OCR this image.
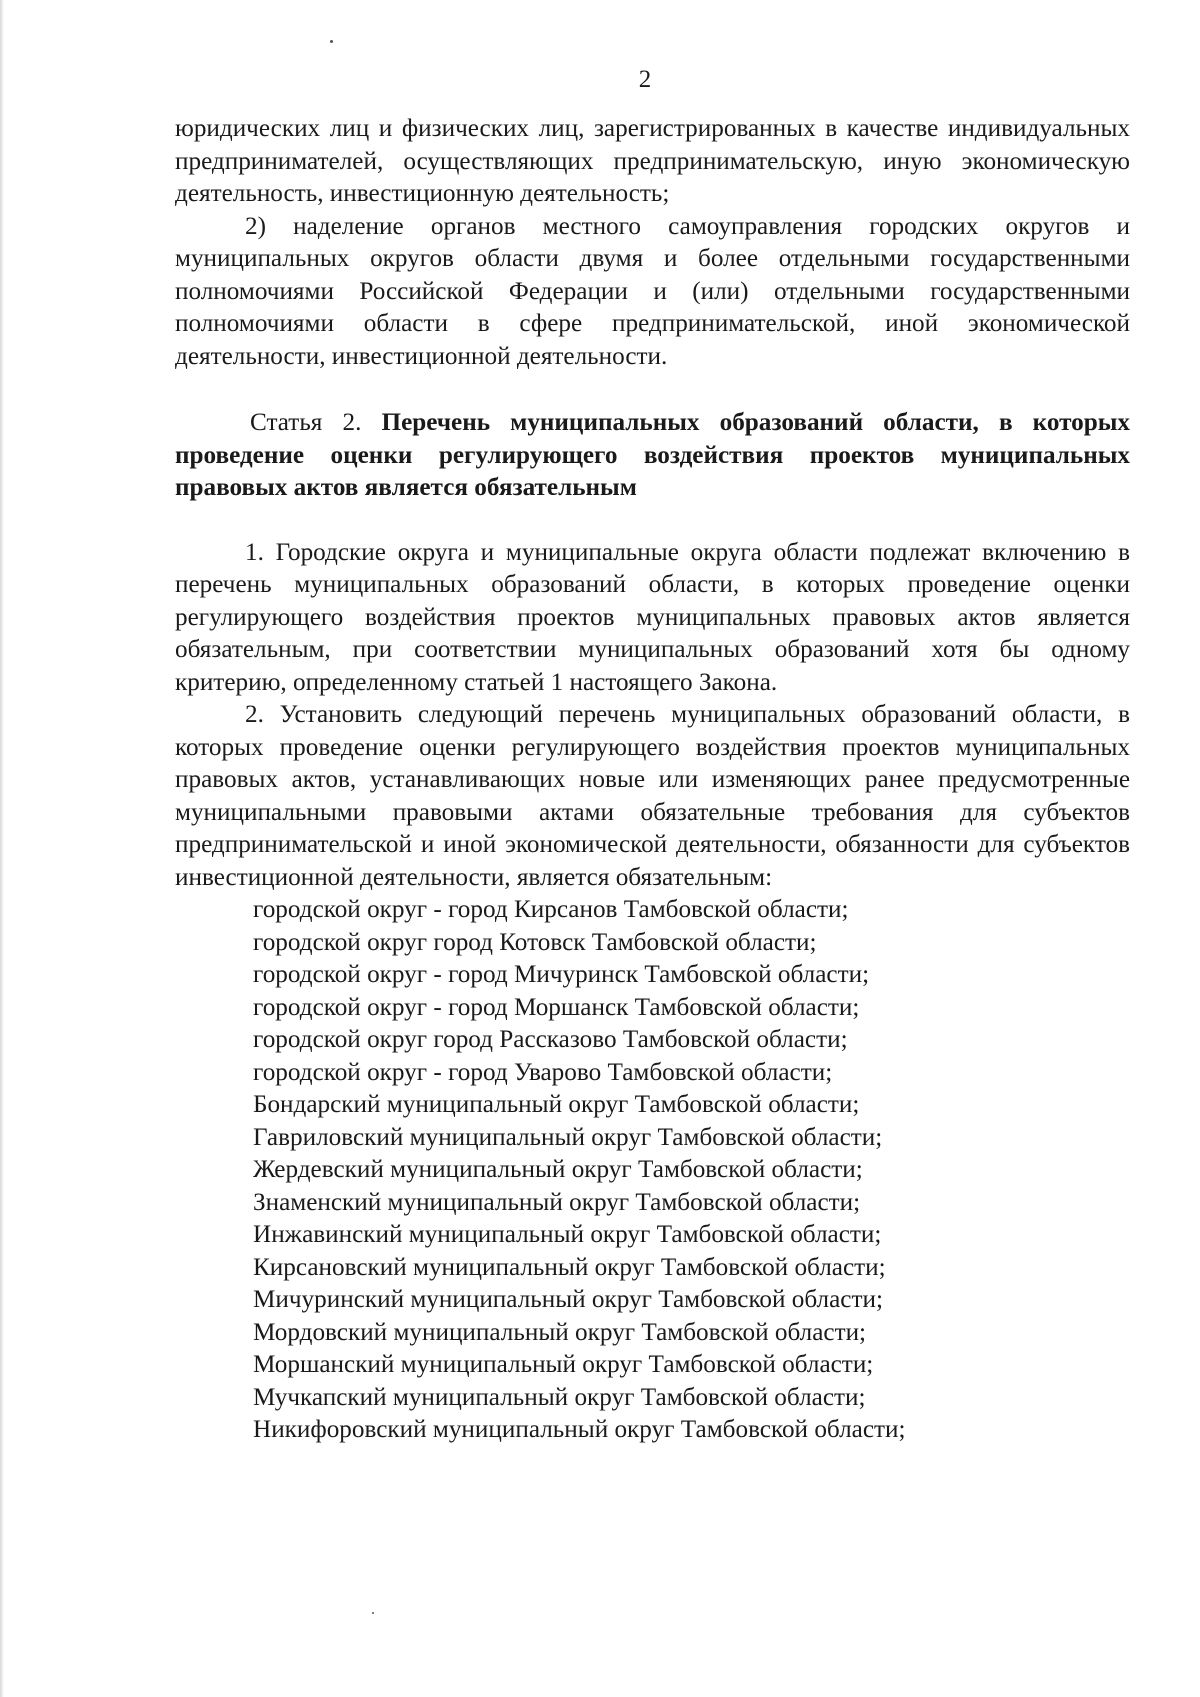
2

юридических лиц и физических лиц, зарегистрированных в качестве индивидуальных предпринимателей, осуществляющих предпринимательскую, иную экономическую деятельность, инвестиционную деятельность;

2) наделение органов местного самоуправления городских округов и муниципальных округов области двумя и более отдельными государственными полномочиями Российской Федерации и (или) отдельными государственными полномочиями области в сфере предпринимательской, иной экономической деятельности, инвестиционной деятельности.

Статья 2. Перечень муниципальных образований области, в которых проведение оценки регулирующего воздействия проектов муниципальных правовых актов является обязательным

1. Городские округа и муниципальные округа области подлежат включению в перечень муниципальных образований области, в которых проведение оценки регулирующего воздействия проектов муниципальных правовых актов является обязательным, при соответствии муниципальных образований хотя бы одному критерию, определенному статьей 1 настоящего Закона.

2. Установить следующий перечень муниципальных образований области, в которых проведение оценки регулирующего воздействия проектов муниципальных правовых актов, устанавливающих новые или изменяющих ранее предусмотренные муниципальными правовыми актами обязательные требования для субъектов предпринимательской и иной экономической деятельности, обязанности для субъектов инвестиционной деятельности, является обязательным:

городской округ - город Кирсанов Тамбовской области;
городской округ город Котовск Тамбовской области;
городской округ - город Мичуринск Тамбовской области;
городской округ - город Моршанск Тамбовской области;
городской округ город Рассказово Тамбовской области;
городской округ - город Уварово Тамбовской области;
Бондарский муниципальный округ Тамбовской области;
Гавриловский муниципальный округ Тамбовской области;
Жердевский муниципальный округ Тамбовской области;
Знаменский муниципальный округ Тамбовской области;
Инжавинский муниципальный округ Тамбовской области;
Кирсановский муниципальный округ Тамбовской области;
Мичуринский муниципальный округ Тамбовской области;
Мордовский муниципальный округ Тамбовской области;
Моршанский муниципальный округ Тамбовской области;
Мучкапский муниципальный округ Тамбовской области;
Никифоровский муниципальный округ Тамбовской области;
